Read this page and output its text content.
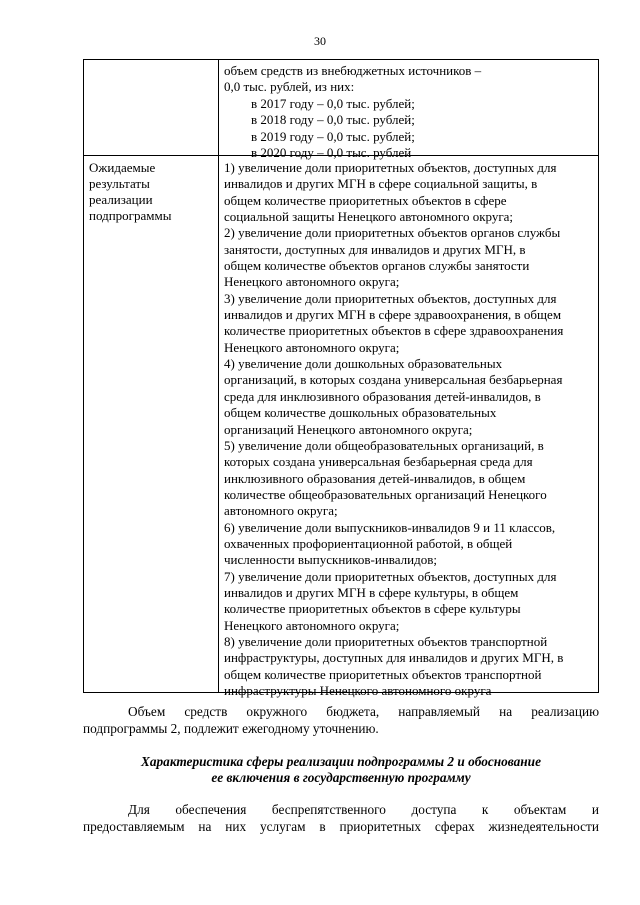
30
объем средств из внебюджетных источников –
0,0 тыс. рублей, из них:
в 2017 году – 0,0 тыс. рублей;
в 2018 году – 0,0 тыс. рублей;
в 2019 году – 0,0 тыс. рублей;
в 2020 году – 0,0 тыс. рублей
Ожидаемые
результаты
реализации
подпрограммы
1) увеличение доли приоритетных объектов, доступных для
инвалидов и других МГН в сфере социальной защиты, в
общем количестве приоритетных объектов в сфере
социальной защиты Ненецкого автономного округа;
2) увеличение доли приоритетных объектов органов службы
занятости, доступных для инвалидов и других МГН, в
общем количестве объектов органов службы занятости
Ненецкого автономного округа;
3) увеличение доли приоритетных объектов, доступных для
инвалидов и других МГН в сфере здравоохранения, в общем
количестве приоритетных объектов в сфере здравоохранения
Ненецкого автономного округа;
4) увеличение доли дошкольных образовательных
организаций, в которых создана универсальная безбарьерная
среда для инклюзивного образования детей-инвалидов, в
общем количестве дошкольных образовательных
организаций Ненецкого автономного округа;
5) увеличение доли общеобразовательных организаций, в
которых создана универсальная безбарьерная среда для
инклюзивного образования детей-инвалидов, в общем
количестве общеобразовательных организаций Ненецкого
автономного округа;
6) увеличение доли выпускников-инвалидов 9 и 11 классов,
охваченных профориентационной работой, в общей
численности выпускников-инвалидов;
7) увеличение доли приоритетных объектов, доступных для
инвалидов и других МГН в сфере культуры, в общем
количестве приоритетных объектов в сфере культуры
Ненецкого автономного округа;
8) увеличение доли приоритетных объектов транспортной
инфраструктуры, доступных для инвалидов и других МГН, в
общем количестве приоритетных объектов транспортной
инфраструктуры Ненецкого автономного округа
Объем средств окружного бюджета, направляемый на реализацию
подпрограммы 2, подлежит ежегодному уточнению.
Характеристика сферы реализации подпрограммы 2 и обоснование
ее включения в государственную программу
Для обеспечения беспрепятственного доступа к объектам и
предоставляемым на них услугам в приоритетных сферах жизнедеятельности
